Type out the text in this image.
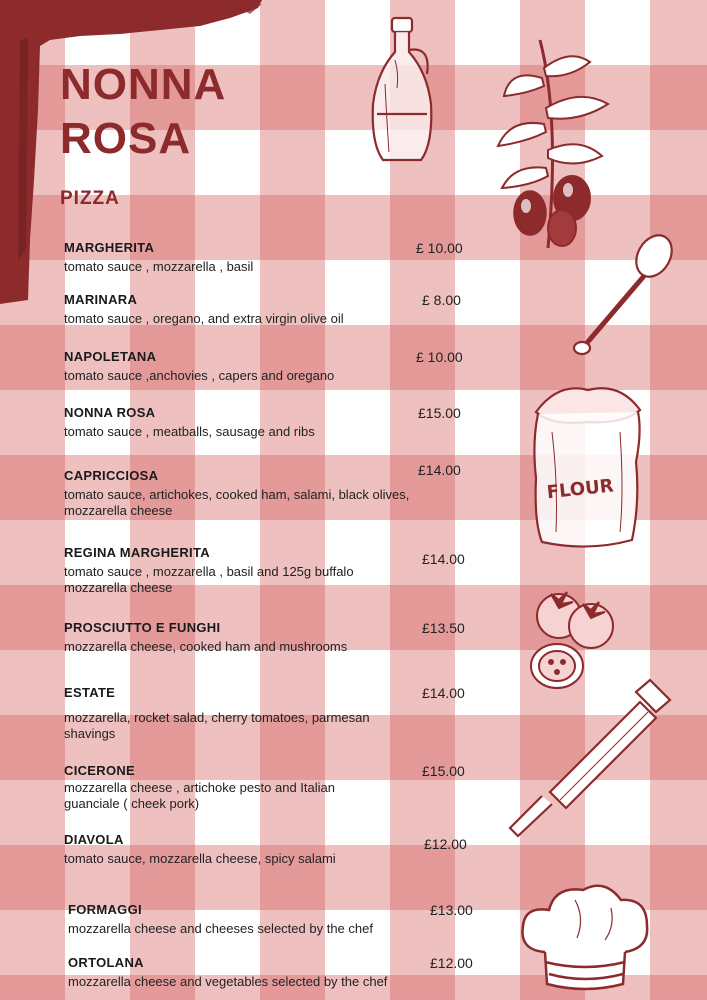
NONNA
ROSA
PIZZA
MARGHERITA
tomato sauce , mozzarella , basil
£ 10.00
MARINARA
tomato sauce , oregano, and extra virgin olive oil
£ 8.00
NAPOLETANA
tomato sauce ,anchovies , capers and oregano
£ 10.00
NONNA ROSA
tomato sauce , meatballs, sausage and ribs
£15.00
CAPRICCIOSA
tomato sauce, artichokes, cooked ham, salami, black olives, mozzarella cheese
£14.00
REGINA MARGHERITA
tomato sauce , mozzarella , basil and 125g buffalo mozzarella cheese
£14.00
PROSCIUTTO E FUNGHI
mozzarella cheese, cooked ham and mushrooms
£13.50
ESTATE
mozzarella, rocket salad, cherry tomatoes, parmesan shavings
£14.00
CICERONE
mozzarella cheese , artichoke pesto and Italian guanciale ( cheek pork)
£15.00
DIAVOLA
tomato sauce, mozzarella cheese, spicy salami
£12.00
FORMAGGI
mozzarella cheese and cheeses selected by the chef
£13.00
ORTOLANA
mozzarella cheese and vegetables selected by the chef
£12.00
FLOUR
